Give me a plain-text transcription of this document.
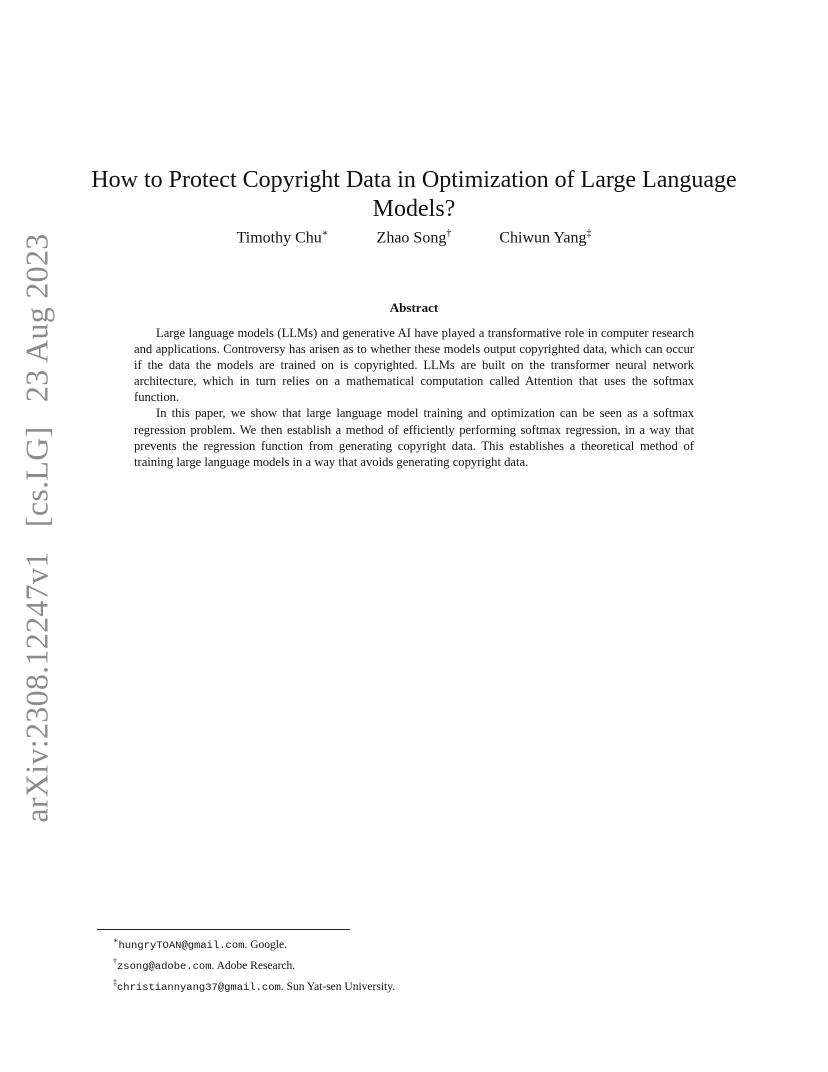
arXiv:2308.12247v1 [cs.LG] 23 Aug 2023
How to Protect Copyright Data in Optimization of Large Language Models?
Timothy Chu∗	Zhao Song†	Chiwun Yang‡
Abstract

Large language models (LLMs) and generative AI have played a transformative role in computer research and applications. Controversy has arisen as to whether these models output copyrighted data, which can occur if the data the models are trained on is copyrighted. LLMs are built on the transformer neural network architecture, which in turn relies on a mathematical computation called Attention that uses the softmax function.

In this paper, we show that large language model training and optimization can be seen as a softmax regression problem. We then establish a method of efficiently performing softmax regression, in a way that prevents the regression function from generating copyright data. This establishes a theoretical method of training large language models in a way that avoids generating copyright data.

∗hungryTOAN@gmail.com. Google.
†zsong@adobe.com. Adobe Research.
‡christiannyang37@gmail.com. Sun Yat-sen University.
